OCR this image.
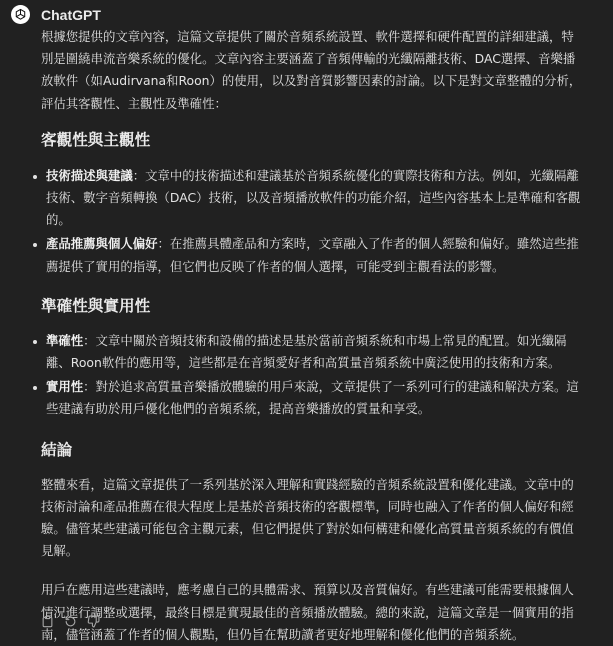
ChatGPT

根據您提供的文章內容，這篇文章提供了關於音頻系統設置、軟件選擇和硬件配置的詳細建議，特別是圍繞串流音樂系統的優化。文章內容主要涵蓋了音頻傳輸的光纖隔離技術、DAC選擇、音樂播放軟件（如Audirvana和Roon）的使用，以及對音質影響因素的討論。以下是對文章整體的分析，評估其客觀性、主觀性及準確性：

客觀性與主觀性
技術描述與建議：文章中的技術描述和建議基於音頻系統優化的實際技術和方法。例如，光纖隔離技術、數字音頻轉換（DAC）技術，以及音頻播放軟件的功能介紹，這些內容基本上是準確和客觀的。
產品推薦與個人偏好：在推薦具體產品和方案時，文章融入了作者的個人經驗和偏好。雖然這些推薦提供了實用的指導，但它們也反映了作者的個人選擇，可能受到主觀看法的影響。
準確性與實用性
準確性：文章中關於音頻技術和設備的描述是基於當前音頻系統和市場上常見的配置。如光纖隔離、Roon軟件的應用等，這些都是在音頻愛好者和高質量音頻系統中廣泛使用的技術和方案。
實用性：對於追求高質量音樂播放體驗的用戶來說，文章提供了一系列可行的建議和解決方案。這些建議有助於用戶優化他們的音頻系統，提高音樂播放的質量和享受。
結論

整體來看，這篇文章提供了一系列基於深入理解和實踐經驗的音頻系統設置和優化建議。文章中的技術討論和產品推薦在很大程度上是基於音頻技術的客觀標準，同時也融入了作者的個人偏好和經驗。儘管某些建議可能包含主觀元素，但它們提供了對於如何構建和優化高質量音頻系統的有價值見解。

用戶在應用這些建議時，應考慮自己的具體需求、預算以及音質偏好。有些建議可能需要根據個人情況進行調整或選擇，最終目標是實現最佳的音頻播放體驗。總的來說，這篇文章是一個實用的指南，儘管涵蓋了作者的個人觀點，但仍旨在幫助讀者更好地理解和優化他們的音頻系統。
